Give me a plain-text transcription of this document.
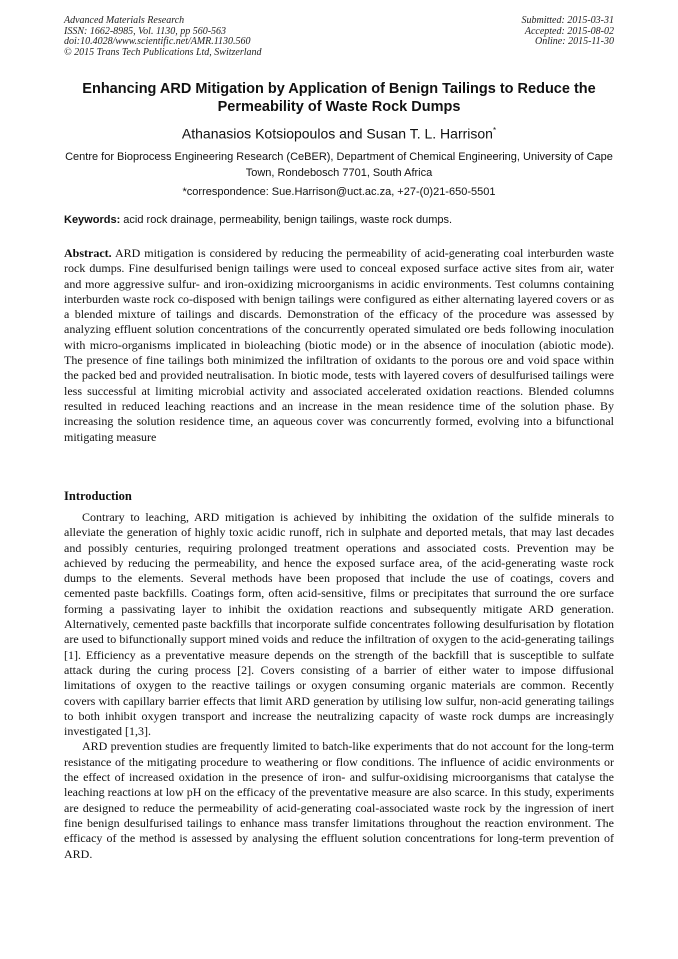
Advanced Materials Research
ISSN: 1662-8985, Vol. 1130, pp 560-563
doi:10.4028/www.scientific.net/AMR.1130.560
© 2015 Trans Tech Publications Ltd, Switzerland
Submitted: 2015-03-31
Accepted: 2015-08-02
Online: 2015-11-30
Enhancing ARD Mitigation by Application of Benign Tailings to Reduce the Permeability of Waste Rock Dumps
Athanasios Kotsiopoulos and Susan T. L. Harrison*
Centre for Bioprocess Engineering Research (CeBER), Department of Chemical Engineering, University of Cape Town, Rondebosch 7701, South Africa
*correspondence: Sue.Harrison@uct.ac.za, +27-(0)21-650-5501
Keywords: acid rock drainage, permeability, benign tailings, waste rock dumps.
Abstract. ARD mitigation is considered by reducing the permeability of acid-generating coal interburden waste rock dumps. Fine desulfurised benign tailings were used to conceal exposed surface active sites from air, water and more aggressive sulfur- and iron-oxidizing microorganisms in acidic environments. Test columns containing interburden waste rock co-disposed with benign tailings were configured as either alternating layered covers or as a blended mixture of tailings and discards. Demonstration of the efficacy of the procedure was assessed by analyzing effluent solution concentrations of the concurrently operated simulated ore beds following inoculation with micro-organisms implicated in bioleaching (biotic mode) or in the absence of inoculation (abiotic mode). The presence of fine tailings both minimized the infiltration of oxidants to the porous ore and void space within the packed bed and provided neutralisation. In biotic mode, tests with layered covers of desulfurised tailings were less successful at limiting microbial activity and associated accelerated oxidation reactions. Blended columns resulted in reduced leaching reactions and an increase in the mean residence time of the solution phase. By increasing the solution residence time, an aqueous cover was concurrently formed, evolving into a bifunctional mitigating measure
Introduction

Contrary to leaching, ARD mitigation is achieved by inhibiting the oxidation of the sulfide minerals to alleviate the generation of highly toxic acidic runoff, rich in sulphate and deported metals, that may last decades and possibly centuries, requiring prolonged treatment operations and associated costs. Prevention may be achieved by reducing the permeability, and hence the exposed surface area, of the acid-generating waste rock dumps to the elements. Several methods have been proposed that include the use of coatings, covers and cemented paste backfills. Coatings form, often acid-sensitive, films or precipitates that surround the ore surface forming a passivating layer to inhibit the oxidation reactions and subsequently mitigate ARD generation. Alternatively, cemented paste backfills that incorporate sulfide concentrates following desulfurisation by flotation are used to bifunctionally support mined voids and reduce the infiltration of oxygen to the acid-generating tailings [1]. Efficiency as a preventative measure depends on the strength of the backfill that is susceptible to sulfate attack during the curing process [2]. Covers consisting of a barrier of either water to impose diffusional limitations of oxygen to the reactive tailings or oxygen consuming organic materials are common. Recently covers with capillary barrier effects that limit ARD generation by utilising low sulfur, non-acid generating tailings to both inhibit oxygen transport and increase the neutralizing capacity of waste rock dumps are increasingly investigated [1,3].

ARD prevention studies are frequently limited to batch-like experiments that do not account for the long-term resistance of the mitigating procedure to weathering or flow conditions. The influence of acidic environments or the effect of increased oxidation in the presence of iron- and sulfur-oxidising microorganisms that catalyse the leaching reactions at low pH on the efficacy of the preventative measure are also scarce. In this study, experiments are designed to reduce the permeability of acid-generating coal-associated waste rock by the ingression of inert fine benign desulfurised tailings to enhance mass transfer limitations throughout the reaction environment. The efficacy of the method is assessed by analysing the effluent solution concentrations for long-term prevention of ARD.
